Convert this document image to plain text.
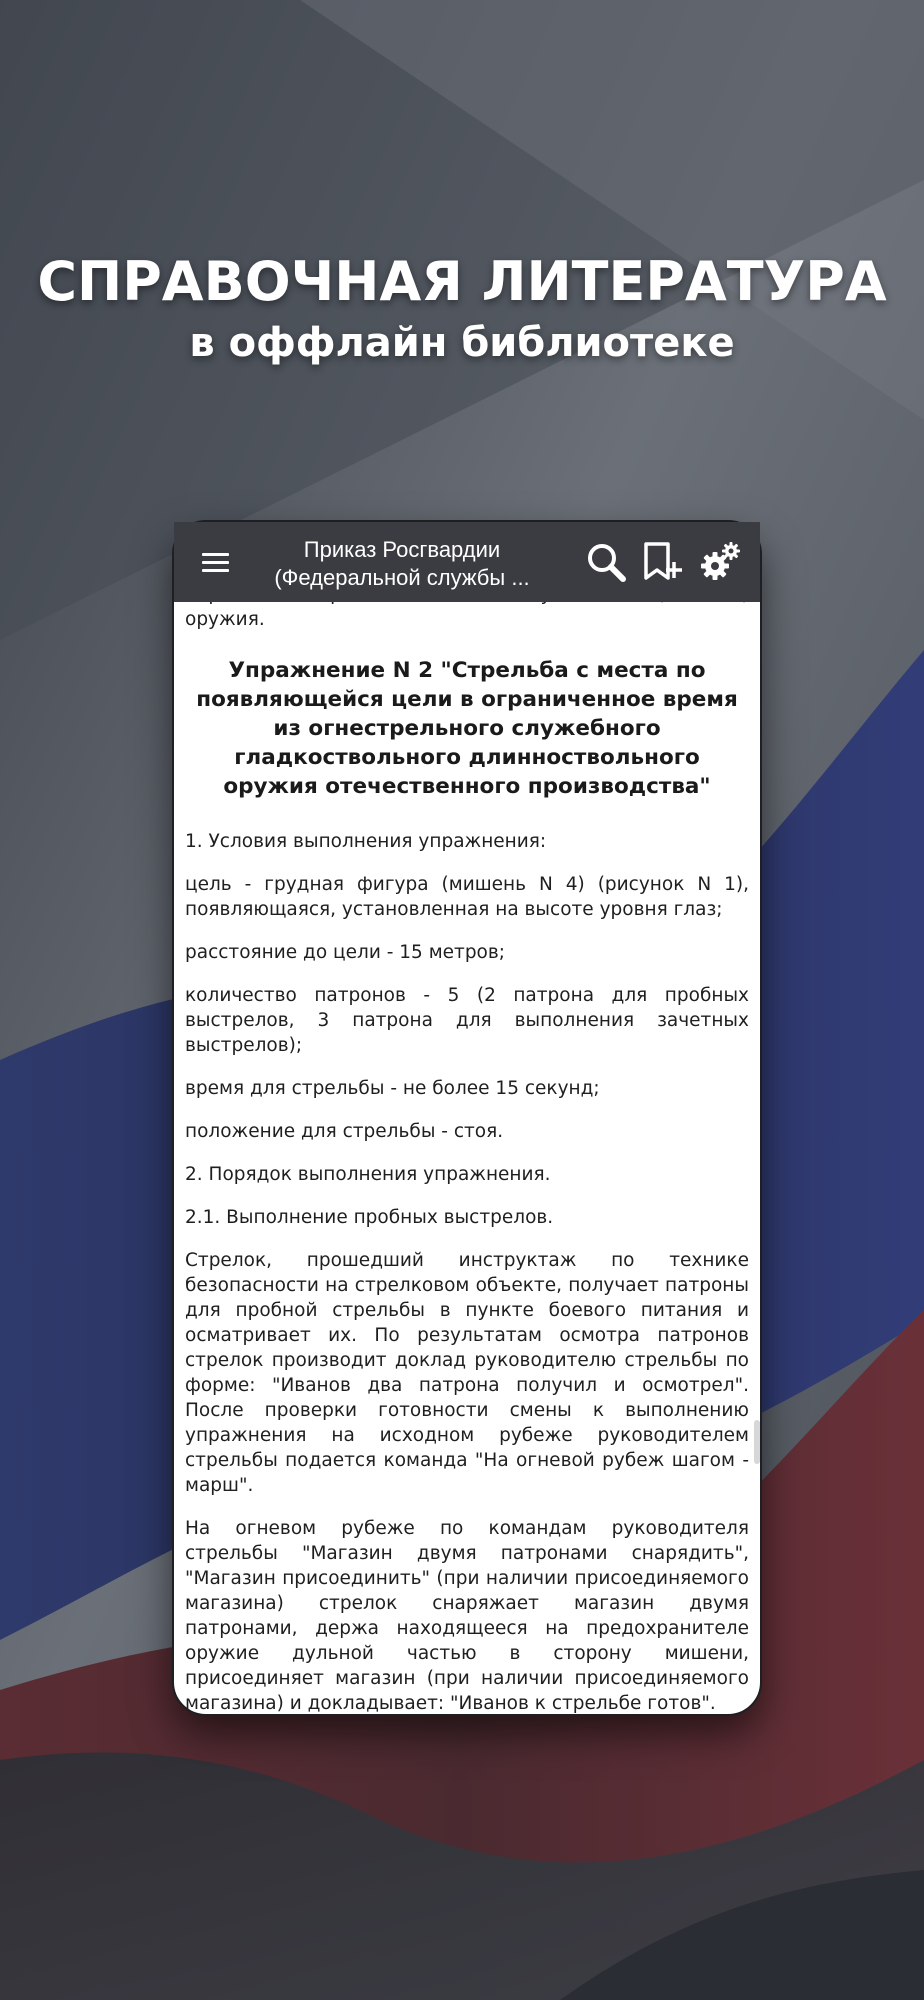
СПРАВОЧНАЯ ЛИТЕРАТУРА
в оффлайн библиотеке
Приказ Росгвардии
(Федеральной службы ...

оружия.

Упражнение N 2 "Стрельба с места по появляющейся цели в ограниченное время из огнестрельного служебного гладкоствольного длинноствольного оружия отечественного производства"

1. Условия выполнения упражнения:

цель - грудная фигура (мишень N 4) (рисунок N 1), появляющаяся, установленная на высоте уровня глаз;

расстояние до цели - 15 метров;

количество патронов - 5 (2 патрона для пробных выстрелов, 3 патрона для выполнения зачетных выстрелов);

время для стрельбы - не более 15 секунд;

положение для стрельбы - стоя.

2. Порядок выполнения упражнения.

2.1. Выполнение пробных выстрелов.

Стрелок, прошедший инструктаж по технике безопасности на стрелковом объекте, получает патроны для пробной стрельбы в пункте боевого питания и осматривает их. По результатам осмотра патронов стрелок производит доклад руководителю стрельбы по форме: "Иванов два патрона получил и осмотрел". После проверки готовности смены к выполнению упражнения на исходном рубеже руководителем стрельбы подается команда "На огневой рубеж шагом - марш".

На огневом рубеже по командам руководителя стрельбы "Магазин двумя патронами снарядить", "Магазин присоединить" (при наличии присоединяемого магазина) стрелок снаряжает магазин двумя патронами, держа находящееся на предохранителе оружие дульной частью в сторону мишени, присоединяет магазин (при наличии присоединяемого магазина) и докладывает: "Иванов к стрельбе готов".
